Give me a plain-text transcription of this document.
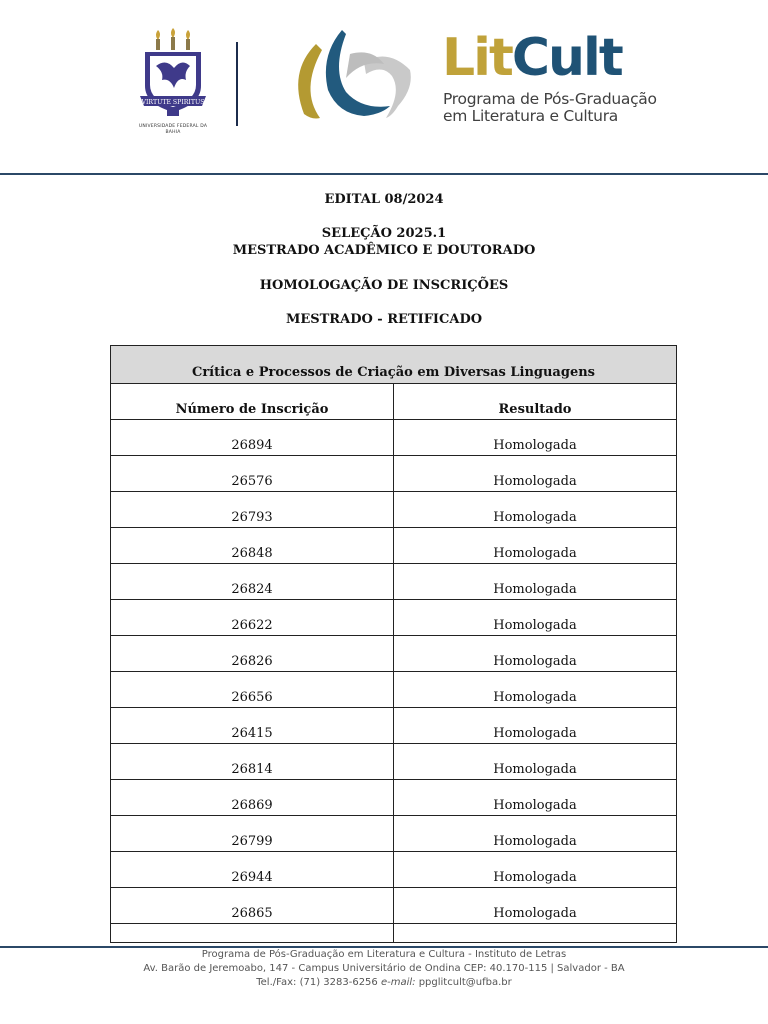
VIRTUTE SPIRITUS
UNIVERSIDADE FEDERAL DA BAHIA
LitCult
Programa de Pós-Graduação
em Literatura e Cultura
EDITAL 08/2024
SELEÇÃO 2025.1
MESTRADO ACADÊMICO E DOUTORADO
HOMOLOGAÇÃO DE INSCRIÇÕES
MESTRADO - RETIFICADO
Crítica e Processos de Criação em Diversas Linguagens	
Número de Inscrição	Resultado
26894	Homologada
26576	Homologada
26793	Homologada
26848	Homologada
26824	Homologada
26622	Homologada
26826	Homologada
26656	Homologada
26415	Homologada
26814	Homologada
26869	Homologada
26799	Homologada
26944	Homologada
26865	Homologada

Programa de Pós-Graduação em Literatura e Cultura - Instituto de Letras
Av. Barão de Jeremoabo, 147 - Campus Universitário de Ondina CEP: 40.170-115 | Salvador - BA
Tel./Fax: (71) 3283-6256 e-mail: ppglitcult@ufba.br
